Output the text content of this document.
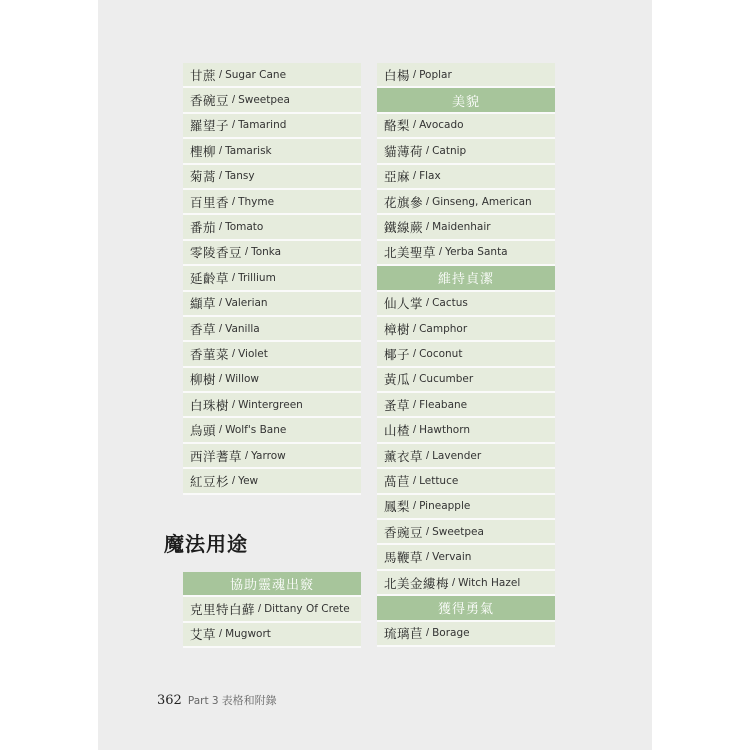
甘蔗 / Sugar Cane
香碗豆 / Sweetpea
羅望子 / Tamarind
檉柳 / Tamarisk
菊蒿 / Tansy
百里香 / Thyme
番茄 / Tomato
零陵香豆 / Tonka
延齡草 / Trillium
纈草 / Valerian
香草 / Vanilla
香菫菜 / Violet
柳樹 / Willow
白珠樹 / Wintergreen
烏頭 / Wolf's Bane
西洋蓍草 / Yarrow
紅豆杉 / Yew
白楊 / Poplar
美貌
酪梨 / Avocado
貓薄荷 / Catnip
亞麻 / Flax
花旗參 / Ginseng, American
鐵線蕨 / Maidenhair
北美聖草 / Yerba Santa
維持貞潔
仙人掌 / Cactus
樟樹 / Camphor
椰子 / Coconut
黃瓜 / Cucumber
蚤草 / Fleabane
山楂 / Hawthorn
薰衣草 / Lavender
萵苣 / Lettuce
鳳梨 / Pineapple
香豌豆 / Sweetpea
馬鞭草 / Vervain
北美金縷梅 / Witch Hazel
獲得勇氣
琉璃苣 / Borage
魔法用途
協助靈魂出竅
克里特白蘚 / Dittany Of Crete
艾草 / Mugwort
362 Part 3 表格和附錄
